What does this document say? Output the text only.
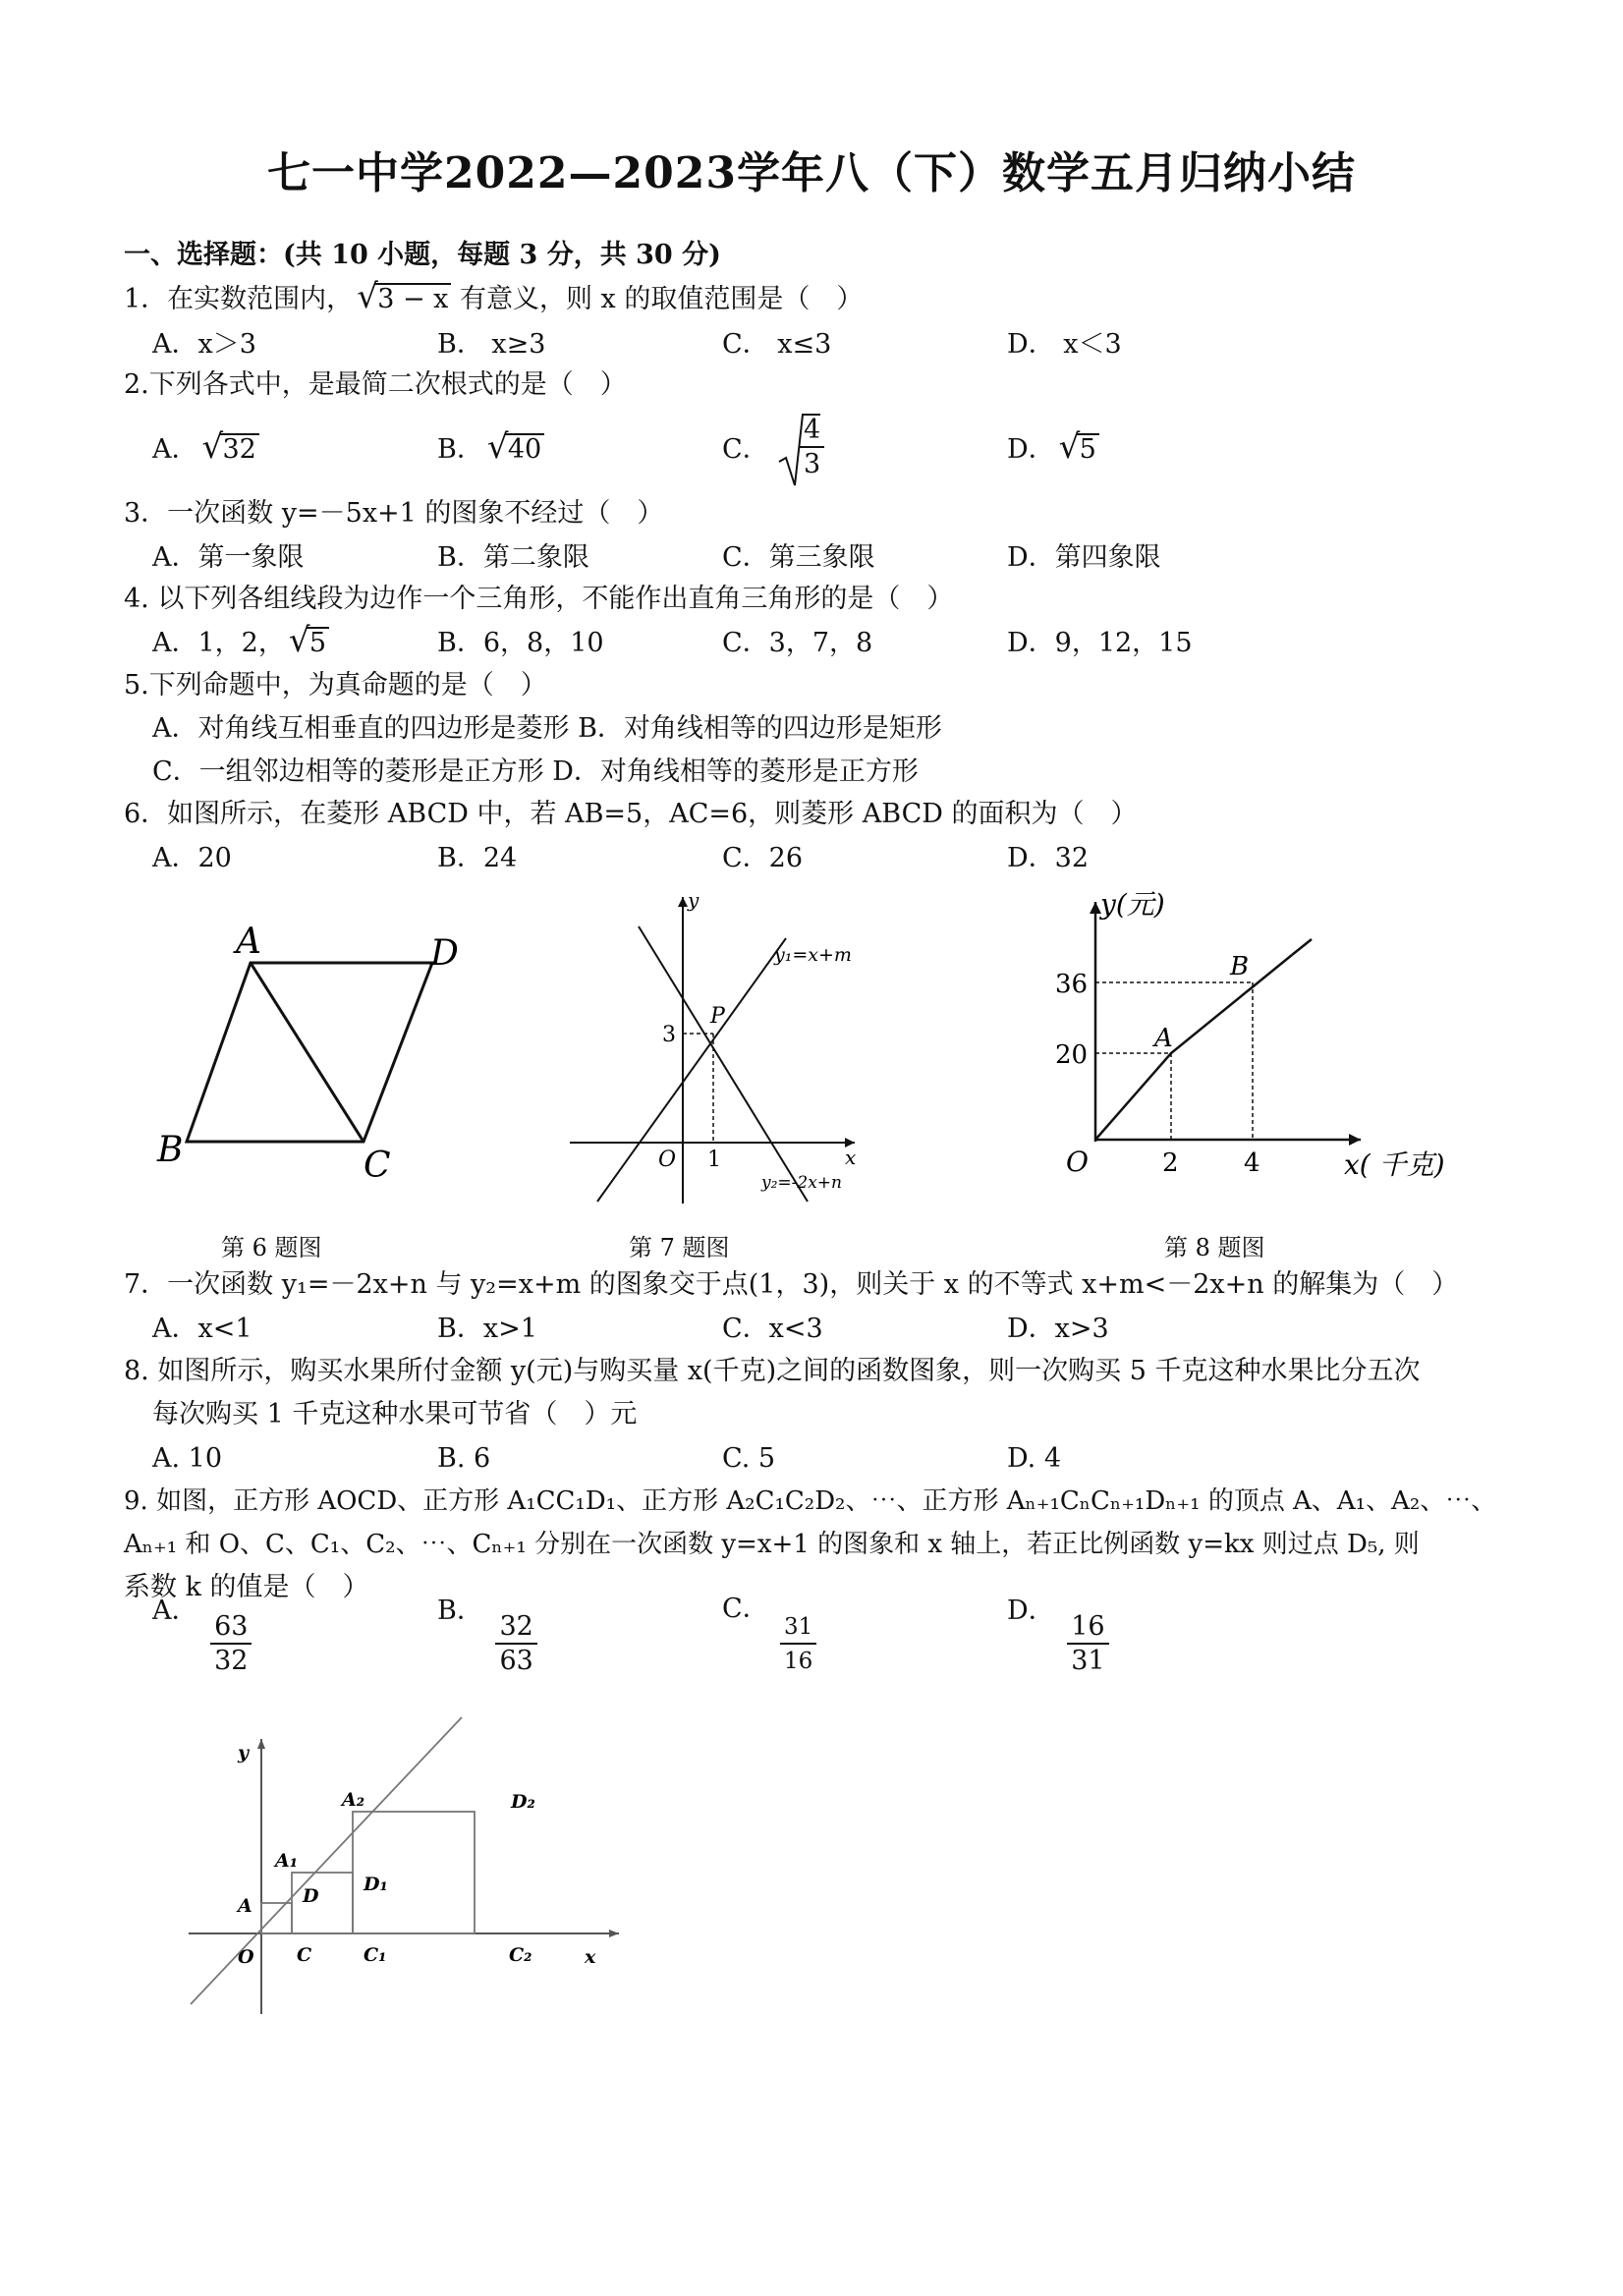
七一中学2022—2023学年八（下）数学五月归纳小结
一、选择题：(共 10 小题，每题 3 分，共 30 分)
1．在实数范围内， √ 3 − x 有意义，则 x 的取值范围是（　）
A．x＞3	B． x≥3	C． x≤3	D． x＜3
2.下列各式中，是最简二次根式的是（　）
A． √ 32	B． √ 40	C． $\frac{4}{3}$	D． √ 5
3．一次函数 y=－5x+1 的图象不经过（　）
A．第一象限	B．第二象限	C．第三象限	D．第四象限
4. 以下列各组线段为边作一个三角形，不能作出直角三角形的是（　）
A．1，2， √ 5	B．6，8，10	C．3，7，8	D．9，12，15
5.下列命题中，为真命题的是（　）
A．对角线互相垂直的四边形是菱形 B．对角线相等的四边形是矩形
C．一组邻边相等的菱形是正方形 D．对角线相等的菱形是正方形
6．如图所示，在菱形 ABCD 中，若 AB=5，AC=6，则菱形 ABCD 的面积为（　）
A．20	B．24	C．26	D．32
A	D
B	C
第 6 题图
y
x
O 1
3
P
y₁=x+m
y₂=-2x+n
第 7 题图
y(元)
x( 千克)
O
36
20
2	4
A
B
第 8 题图
7．一次函数 y₁=－2x+n 与 y₂=x+m 的图象交于点(1，3)，则关于 x 的不等式 x+m<－2x+n 的解集为（　）
A．x<1	B．x>1	C．x<3	D．x>3
8. 如图所示，购买水果所付金额 y(元)与购买量 x(千克)之间的函数图象，则一次购买 5 千克这种水果比分五次
每次购买 1 千克这种水果可节省（　）元
A. 10	B. 6	C. 5	D. 4
9. 如图，正方形 AOCD、正方形 A₁CC₁D₁、正方形 A₂C₁C₂D₂、⋯、正方形 Aₙ₊₁CₙCₙ₊₁Dₙ₊₁ 的顶点 A、A₁、A₂、⋯、
Aₙ₊₁ 和 O、C、C₁、C₂、⋯、Cₙ₊₁ 分别在一次函数 y=x+1 的图象和 x 轴上，若正比例函数 y=kx 则过点 D₅, 则
系数 k 的值是（　）
A．
$\frac{63}{32}$
B．
$\frac{32}{63}$
C．
$\frac{31}{16}$
D．
$\frac{16}{31}$
y
x
O
A
A₁
A₂
D
D₁
D₂
C	C₁	C₂
